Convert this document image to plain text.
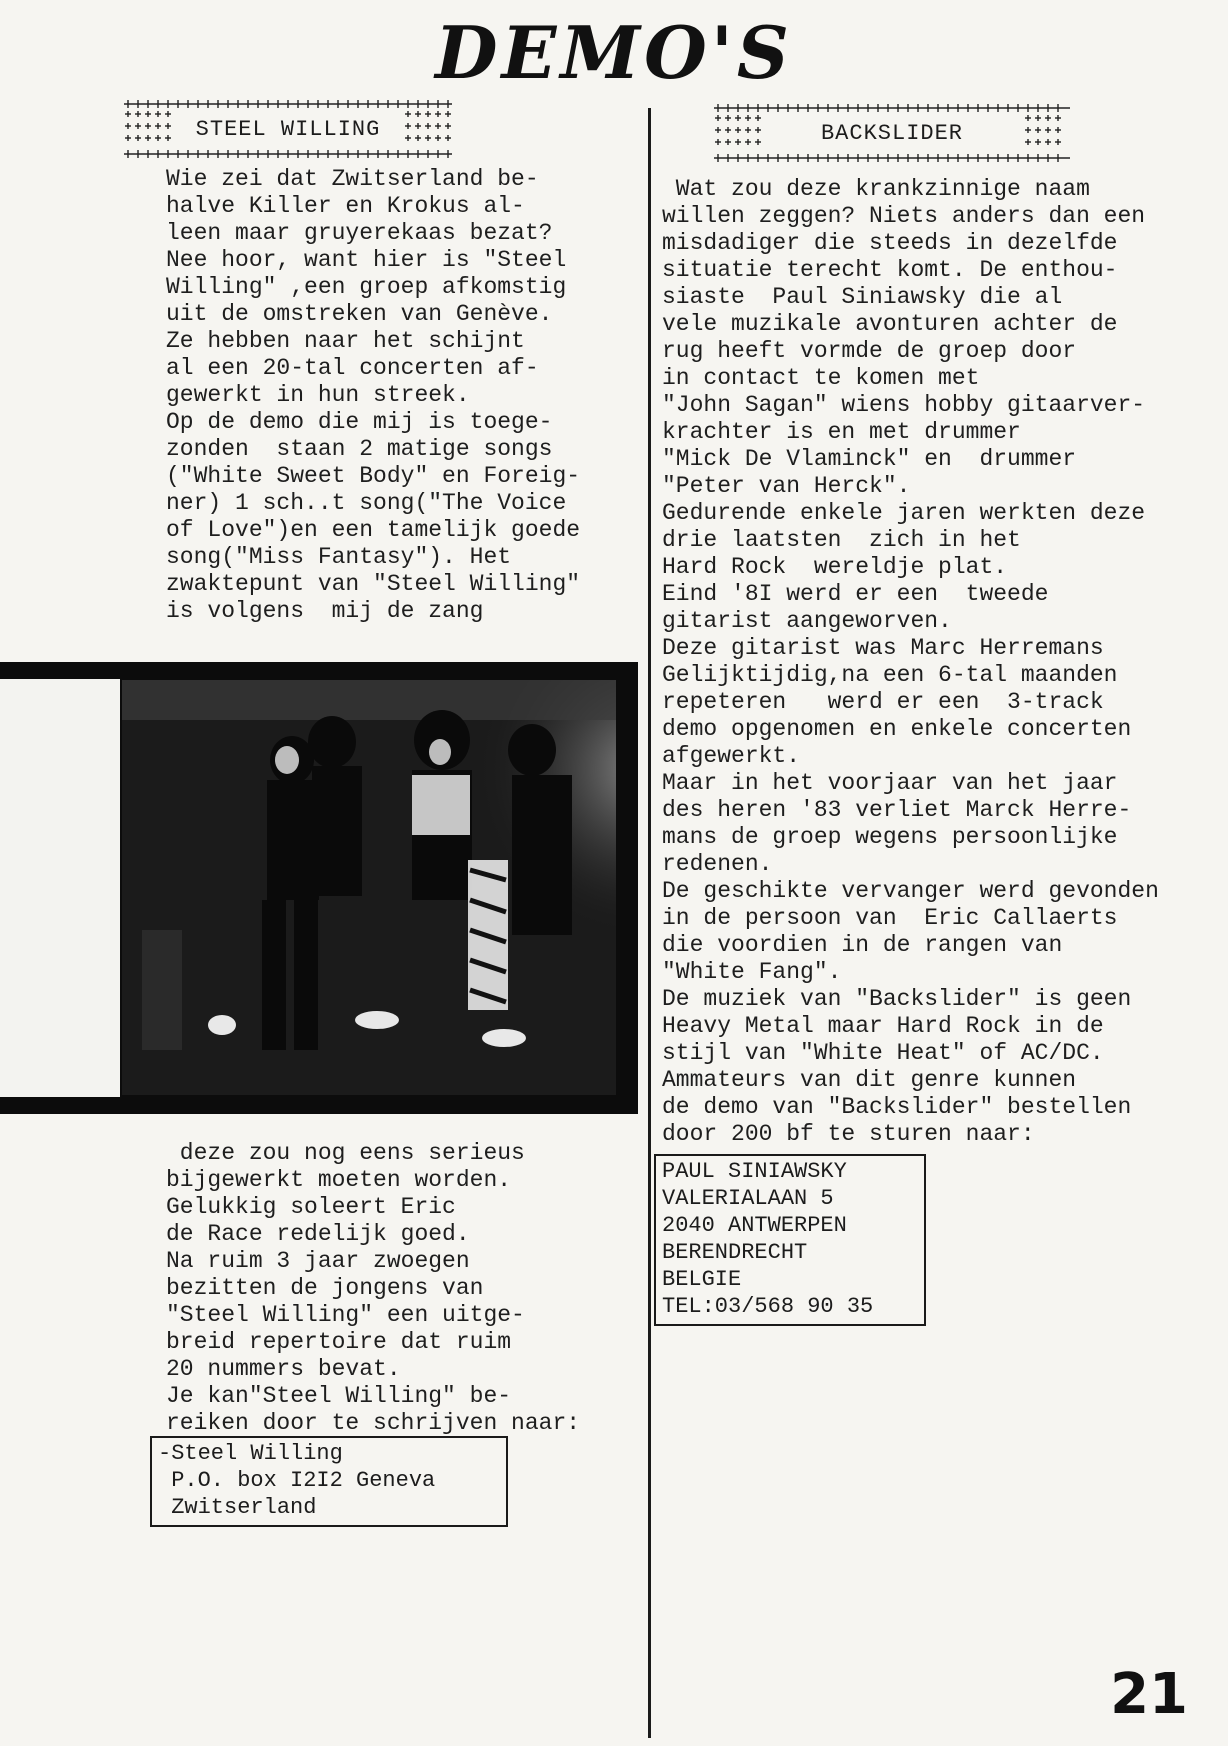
DEMO'S
STEEL WILLING
Wie zei dat Zwitserland be-
halve Killer en Krokus al-
leen maar gruyerekaas bezat?
Nee hoor, want hier is "Steel
Willing" ,een groep afkomstig
uit de omstreken van Genève.
Ze hebben naar het schijnt
al een 20-tal concerten af-
gewerkt in hun streek.
Op de demo die mij is toege-
zonden  staan 2 matige songs
("White Sweet Body" en Foreig-
ner) 1 sch..t song("The Voice
of Love")en een tamelijk goede
song("Miss Fantasy"). Het
zwaktepunt van "Steel Willing"
is volgens  mij de zang
deze zou nog eens serieus
bijgewerkt moeten worden.
Gelukkig soleert Eric
de Race redelijk goed.
Na ruim 3 jaar zwoegen
bezitten de jongens van
"Steel Willing" een uitge-
breid repertoire dat ruim
20 nummers bevat.
Je kan"Steel Willing" be-
reiken door te schrijven naar:
-Steel Willing
P.O. box I2I2 Geneva
Zwitserland
BACKSLIDER
Wat zou deze krankzinnige naam
willen zeggen? Niets anders dan een
misdadiger die steeds in dezelfde
situatie terecht komt. De enthou-
siaste  Paul Siniawsky die al
vele muzikale avonturen achter de
rug heeft vormde de groep door
in contact te komen met
"John Sagan" wiens hobby gitaarver-
krachter is en met drummer
"Mick De Vlaminck" en  drummer
"Peter van Herck".
Gedurende enkele jaren werkten deze
drie laatsten  zich in het
Hard Rock  wereldje plat.
Eind '8I werd er een  tweede
gitarist aangeworven.
Deze gitarist was Marc Herremans
Gelijktijdig,na een 6-tal maanden
repeteren   werd er een  3-track
demo opgenomen en enkele concerten
afgewerkt.
Maar in het voorjaar van het jaar
des heren '83 verliet Marck Herre-
mans de groep wegens persoonlijke
redenen.
De geschikte vervanger werd gevonden
in de persoon van  Eric Callaerts
die voordien in de rangen van
"White Fang".
De muziek van "Backslider" is geen
Heavy Metal maar Hard Rock in de
stijl van "White Heat" of AC/DC.
Ammateurs van dit genre kunnen
de demo van "Backslider" bestellen
door 200 bf te sturen naar:
PAUL SINIAWSKY
VALERIALAAN 5
2040 ANTWERPEN
BERENDRECHT
BELGIE
TEL:03/568 90 35
21
